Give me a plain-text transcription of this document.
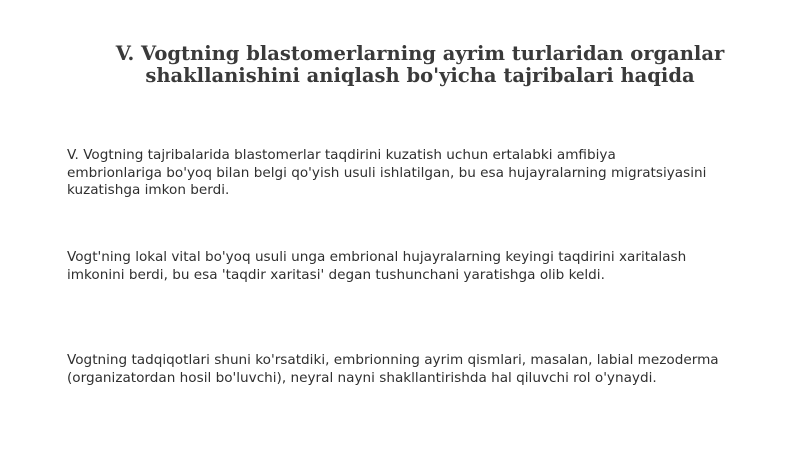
V. Vogtning blastomerlarning ayrim turlaridan organlar
shakllanishini aniqlash bo'yicha tajribalari haqida

V. Vogtning tajribalarida blastomerlar taqdirini kuzatish uchun ertalabki amfibiya
embrionlariga bo'yoq bilan belgi qo'yish usuli ishlatilgan, bu esa hujayralarning migratsiyasini
kuzatishga imkon berdi.

Vogt'ning lokal vital bo'yoq usuli unga embrional hujayralarning keyingi taqdirini xaritalash
imkonini berdi, bu esa 'taqdir xaritasi' degan tushunchani yaratishga olib keldi.

Vogtning tadqiqotlari shuni ko'rsatdiki, embrionning ayrim qismlari, masalan, labial mezoderma
(organizatordan hosil bo'luvchi), neyral nayni shakllantirishda hal qiluvchi rol o'ynaydi.
